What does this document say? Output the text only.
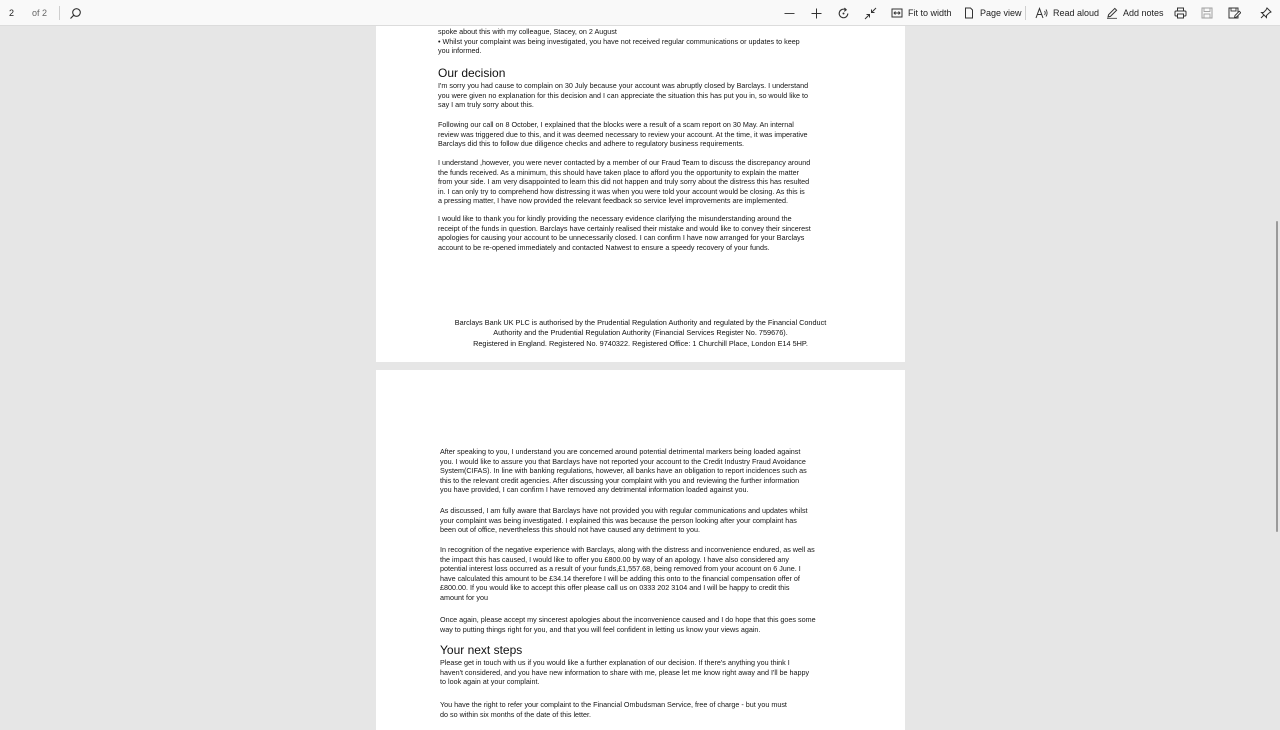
2
of 2	Fit to width	Page view	Read aloud	Add notes
spoke about this with my colleague, Stacey, on 2 August
• Whilst your complaint was being investigated, you have not received regular communications or updates to keep
you informed.
Our decision
I'm sorry you had cause to complain on 30 July because your account was abruptly closed by Barclays. I understand
you were given no explanation for this decision and I can appreciate the situation this has put you in, so would like to
say I am truly sorry about this.
Following our call on 8 October, I explained that the blocks were a result of a scam report on 30 May. An internal
review was triggered due to this, and it was deemed necessary to review your account. At the time, it was imperative
Barclays did this to follow due diligence checks and adhere to regulatory business requirements.
I understand ,however, you were never contacted by a member of our Fraud Team to discuss the discrepancy around
the funds received. As a minimum, this should have taken place to afford you the opportunity to explain the matter
from your side. I am very disappointed to learn this did not happen and truly sorry about the distress this has resulted
in. I can only try to comprehend how distressing it was when you were told your account would be closing. As this is
a pressing matter, I have now provided the relevant feedback so service level improvements are implemented.
I would like to thank you for kindly providing the necessary evidence clarifying the misunderstanding around the
receipt of the funds in question. Barclays have certainly realised their mistake and would like to convey their sincerest
apologies for causing your account to be unnecessarily closed. I can confirm I have now arranged for your Barclays
account to be re-opened immediately and contacted Natwest to ensure a speedy recovery of your funds.
Barclays Bank UK PLC is authorised by the Prudential Regulation Authority and regulated by the Financial Conduct
Authority and the Prudential Regulation Authority (Financial Services Register No. 759676).
Registered in England. Registered No. 9740322. Registered Office: 1 Churchill Place, London E14 5HP.
After speaking to you, I understand you are concerned around potential detrimental markers being loaded against
you. I would like to assure you that Barclays have not reported your account to the Credit Industry Fraud Avoidance
System(CIFAS). In line with banking regulations, however, all banks have an obligation to report incidences such as
this to the relevant credit agencies. After discussing your complaint with you and reviewing the further information
you have provided, I can confirm I have removed any detrimental information loaded against you.
As discussed, I am fully aware that Barclays have not provided you with regular communications and updates whilst
your complaint was being investigated. I explained this was because the person looking after your complaint has
been out of office, nevertheless this should not have caused any detriment to you.
In recognition of the negative experience with Barclays, along with the distress and inconvenience endured, as well as
the impact this has caused, I would like to offer you £800.00 by way of an apology. I have also considered any
potential interest loss occurred as a result of your funds,£1,557.68, being removed from your account on 6 June. I
have calculated this amount to be £34.14 therefore I will be adding this onto to the financial compensation offer of
£800.00. If you would like to accept this offer please call us on 0333 202 3104 and I will be happy to credit this
amount for you
Once again, please accept my sincerest apologies about the inconvenience caused and I do hope that this goes some
way to putting things right for you, and that you will feel confident in letting us know your views again.
Your next steps
Please get in touch with us if you would like a further explanation of our decision. If there's anything you think I
haven't considered, and you have new information to share with me, please let me know right away and I'll be happy
to look again at your complaint.
You have the right to refer your complaint to the Financial Ombudsman Service, free of charge - but you must
do so within six months of the date of this letter.
